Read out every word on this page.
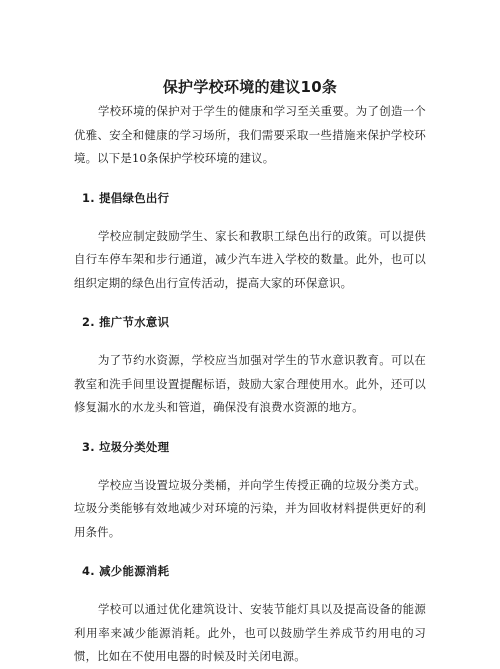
保护学校环境的建议10条

学校环境的保护对于学生的健康和学习至关重要。为了创造一个优雅、安全和健康的学习场所，我们需要采取一些措施来保护学校环境。以下是10条保护学校环境的建议。

1. 提倡绿色出行

学校应制定鼓励学生、家长和教职工绿色出行的政策。可以提供自行车停车架和步行通道，减少汽车进入学校的数量。此外，也可以组织定期的绿色出行宣传活动，提高大家的环保意识。

2. 推广节水意识

为了节约水资源，学校应当加强对学生的节水意识教育。可以在教室和洗手间里设置提醒标语，鼓励大家合理使用水。此外，还可以修复漏水的水龙头和管道，确保没有浪费水资源的地方。

3. 垃圾分类处理

学校应当设置垃圾分类桶，并向学生传授正确的垃圾分类方式。垃圾分类能够有效地减少对环境的污染，并为回收材料提供更好的利用条件。

4. 减少能源消耗

学校可以通过优化建筑设计、安装节能灯具以及提高设备的能源利用率来减少能源消耗。此外，也可以鼓励学生养成节约用电的习惯，比如在不使用电器的时候及时关闭电源。
